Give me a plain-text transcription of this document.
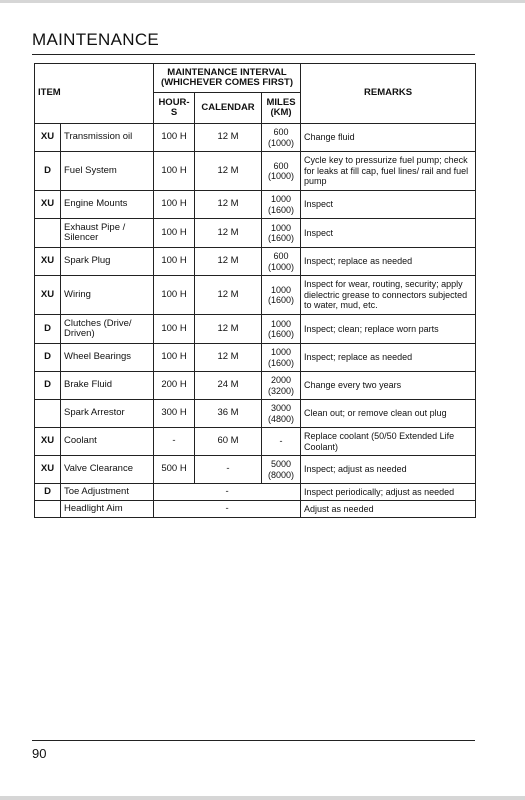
MAINTENANCE
ITEM		MAINTENANCE INTERVAL (WHICHEVER COMES FIRST)			REMARKS
		HOUR-S	CALENDAR	MILES (KM)	
XU	Transmission oil	100 H	12 M	600 (1000)	Change fluid
D	Fuel System	100 H	12 M	600 (1000)	Cycle key to pressurize fuel pump; check for leaks at fill cap, fuel lines/ rail and fuel pump
XU	Engine Mounts	100 H	12 M	1000 (1600)	Inspect
	Exhaust Pipe / Silencer	100 H	12 M	1000 (1600)	Inspect
XU	Spark Plug	100 H	12 M	600 (1000)	Inspect; replace as needed
XU	Wiring	100 H	12 M	1000 (1600)	Inspect for wear, routing, security; apply dielectric grease to connectors subjected to water, mud, etc.
D	Clutches (Drive/ Driven)	100 H	12 M	1000 (1600)	Inspect; clean; replace worn parts
D	Wheel Bearings	100 H	12 M	1000 (1600)	Inspect; replace as needed
D	Brake Fluid	200 H	24 M	2000 (3200)	Change every two years
	Spark Arrestor	300 H	36 M	3000 (4800)	Clean out; or remove clean out plug
XU	Coolant	-	60 M	-	Replace coolant (50/50 Extended Life Coolant)
XU	Valve Clearance	500 H	-	5000 (8000)	Inspect; adjust as needed
D	Toe Adjustment	-			Inspect periodically; adjust as needed
	Headlight Aim	-			Adjust as needed
90
